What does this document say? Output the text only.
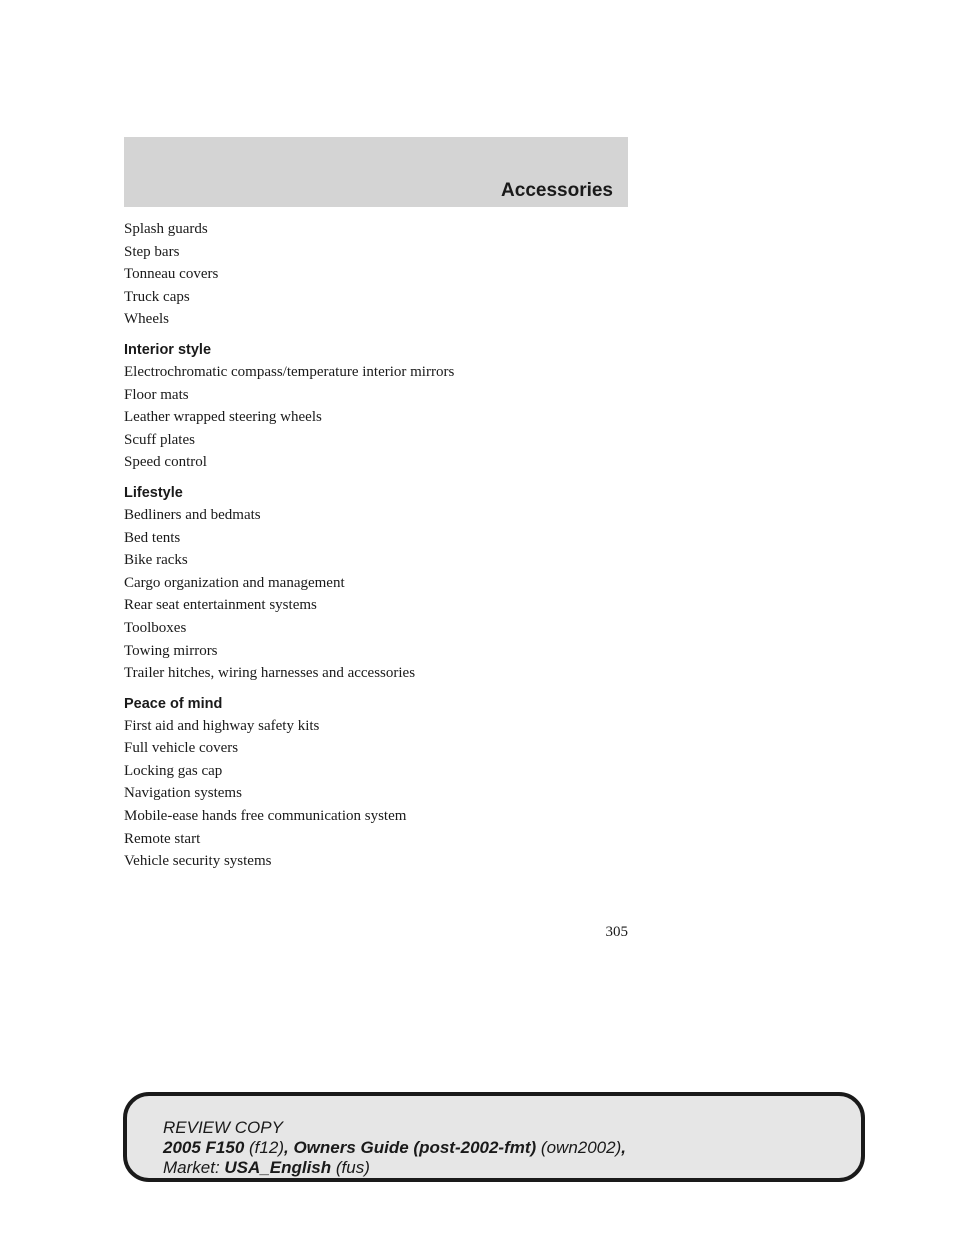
Accessories
Splash guards
Step bars
Tonneau covers
Truck caps
Wheels
Interior style
Electrochromatic compass/temperature interior mirrors
Floor mats
Leather wrapped steering wheels
Scuff plates
Speed control
Lifestyle
Bedliners and bedmats
Bed tents
Bike racks
Cargo organization and management
Rear seat entertainment systems
Toolboxes
Towing mirrors
Trailer hitches, wiring harnesses and accessories
Peace of mind
First aid and highway safety kits
Full vehicle covers
Locking gas cap
Navigation systems
Mobile-ease hands free communication system
Remote start
Vehicle security systems
305
REVIEW COPY
2005 F150 (f12), Owners Guide (post-2002-fmt) (own2002),
Market: USA_English (fus)
